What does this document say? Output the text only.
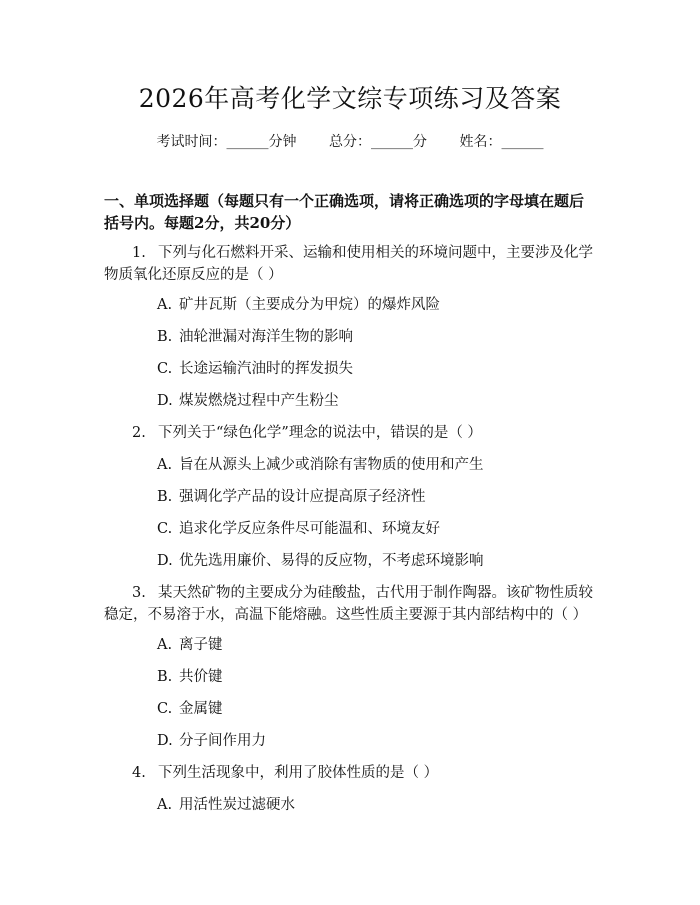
2026年高考化学文综专项练习及答案
考试时间：______分钟 总分：______分 姓名：______

一、单项选择题（每题只有一个正确选项，请将正确选项的字母填在题后括号内。每题2分，共20分）

1. 下列与化石燃料开采、运输和使用相关的环境问题中，主要涉及化学物质氧化还原反应的是（ ）

A. 矿井瓦斯（主要成分为甲烷）的爆炸风险

B. 油轮泄漏对海洋生物的影响

C. 长途运输汽油时的挥发损失

D. 煤炭燃烧过程中产生粉尘

2. 下列关于“绿色化学”理念的说法中，错误的是（ ）

A. 旨在从源头上减少或消除有害物质的使用和产生

B. 强调化学产品的设计应提高原子经济性

C. 追求化学反应条件尽可能温和、环境友好

D. 优先选用廉价、易得的反应物，不考虑环境影响

3. 某天然矿物的主要成分为硅酸盐，古代用于制作陶器。该矿物性质较稳定，不易溶于水，高温下能熔融。这些性质主要源于其内部结构中的（ ）

A. 离子键

B. 共价键

C. 金属键

D. 分子间作用力

4. 下列生活现象中，利用了胶体性质的是（ ）

A. 用活性炭过滤硬水
